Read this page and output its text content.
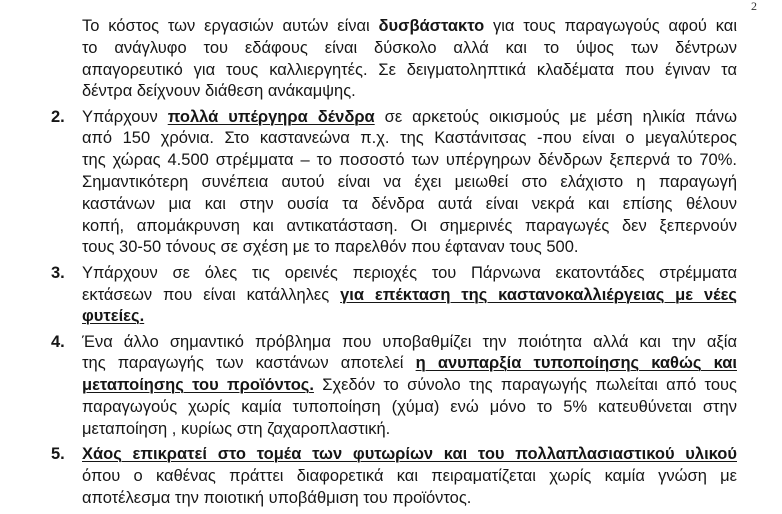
2
Το κόστος των εργασιών αυτών είναι δυσβάστακτο για τους παραγωγούς αφού και
το ανάγλυφο του εδάφους είναι δύσκολο αλλά και το ύψος των δέντρων
απαγορευτικό για τους καλλιεργητές. Σε δειγματοληπτικά κλαδέματα που έγιναν τα
δέντρα δείχνουν διάθεση ανάκαμψης.
2. Υπάρχουν πολλά υπέργηρα δένδρα σε αρκετούς οικισμούς με μέση ηλικία πάνω
από 150 χρόνια. Στο καστανεώνα π.χ. της Καστάνιτσας -που είναι ο μεγαλύτερος
της χώρας 4.500 στρέμματα – το ποσοστό των υπέργηρων δένδρων ξεπερνά το 70%.
Σημαντικότερη συνέπεια αυτού είναι να έχει μειωθεί στο ελάχιστο η παραγωγή
καστάνων μια και στην ουσία τα δένδρα αυτά είναι νεκρά και επίσης θέλουν
κοπή, απομάκρυνση και αντικατάσταση. Οι σημερινές παραγωγές δεν ξεπερνούν
τους 30-50 τόνους σε σχέση με το παρελθόν που έφταναν τους 500.
3. Υπάρχουν σε όλες τις ορεινές περιοχές του Πάρνωνα εκατοντάδες στρέμματα
εκτάσεων που είναι κατάλληλες για επέκταση της καστανοκαλλιέργειας με νέες
φυτείες.
4. Ένα άλλο σημαντικό πρόβλημα που υποβαθμίζει την ποιότητα αλλά και την αξία
της παραγωγής των καστάνων αποτελεί η ανυπαρξία τυποποίησης καθώς και
μεταποίησης του προϊόντος. Σχεδόν το σύνολο της παραγωγής πωλείται από τους
παραγωγούς χωρίς καμία τυποποίηση (χύμα) ενώ μόνο το 5% κατευθύνεται στην
μεταποίηση , κυρίως στη ζαχαροπλαστική.
5. Χάος επικρατεί στο τομέα των φυτωρίων και του πολλαπλασιαστικού υλικού
όπου ο καθένας πράττει διαφορετικά και πειραματίζεται χωρίς καμία γνώση με
αποτέλεσμα την ποιοτική υποβάθμιση του προϊόντος.
